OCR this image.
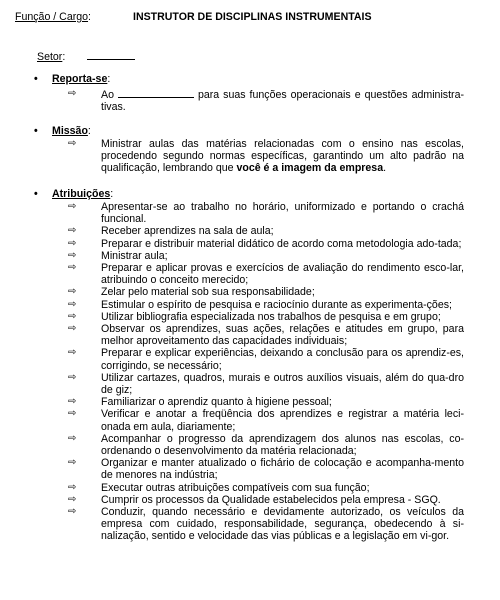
Função / Cargo:	INSTRUTOR DE DISCIPLINAS INSTRUMENTAIS
Setor:
• Reporta-se:

⇨ Ao	para suas funções operacionais e questões administra-tivas.

• Missão:

⇨ Ministrar aulas das matérias relacionadas com o ensino nas escolas, procedendo segundo normas específicas, garantindo um alto padrão na qualificação, lembrando que você é a imagem da empresa.

• Atribuições:

⇨ Apresentar-se ao trabalho no horário, uniformizado e portando o crachá funcional.

⇨ Receber aprendizes na sala de aula;

⇨ Preparar e distribuir material didático de acordo coma metodologia ado-tada;

⇨ Ministrar aula;

⇨ Preparar e aplicar provas e exercícios de avaliação do rendimento esco-lar, atribuindo o conceito merecido;

⇨ Zelar pelo material sob sua responsabilidade;

⇨ Estimular o espírito de pesquisa e raciocínio durante as experimenta-ções;

⇨ Utilizar bibliografia especializada nos trabalhos de pesquisa e em grupo;

⇨ Observar os aprendizes, suas ações, relações e atitudes em grupo, para melhor aproveitamento das capacidades individuais;

⇨ Preparar e explicar experiências, deixando a conclusão para os aprendiz-es, corrigindo, se necessário;

⇨ Utilizar cartazes, quadros, murais e outros auxílios visuais, além do qua-dro de giz;

⇨ Familiarizar o aprendiz quanto à higiene pessoal;

⇨ Verificar e anotar a freqüência dos aprendizes e registrar a matéria leci-onada em aula, diariamente;

⇨ Acompanhar o progresso da aprendizagem dos alunos nas escolas, co-ordenando o desenvolvimento da matéria relacionada;

⇨ Organizar e manter atualizado o fichário de colocação e acompanha-mento de menores na indústria;

⇨ Executar outras atribuições compatíveis com sua função;

⇨ Cumprir os processos da Qualidade estabelecidos pela empresa - SGQ.

⇨ Conduzir, quando necessário e devidamente autorizado, os veículos da empresa com cuidado, responsabilidade, segurança, obedecendo à si-nalização, sentido e velocidade das vias públicas e a legislação em vi-gor.
